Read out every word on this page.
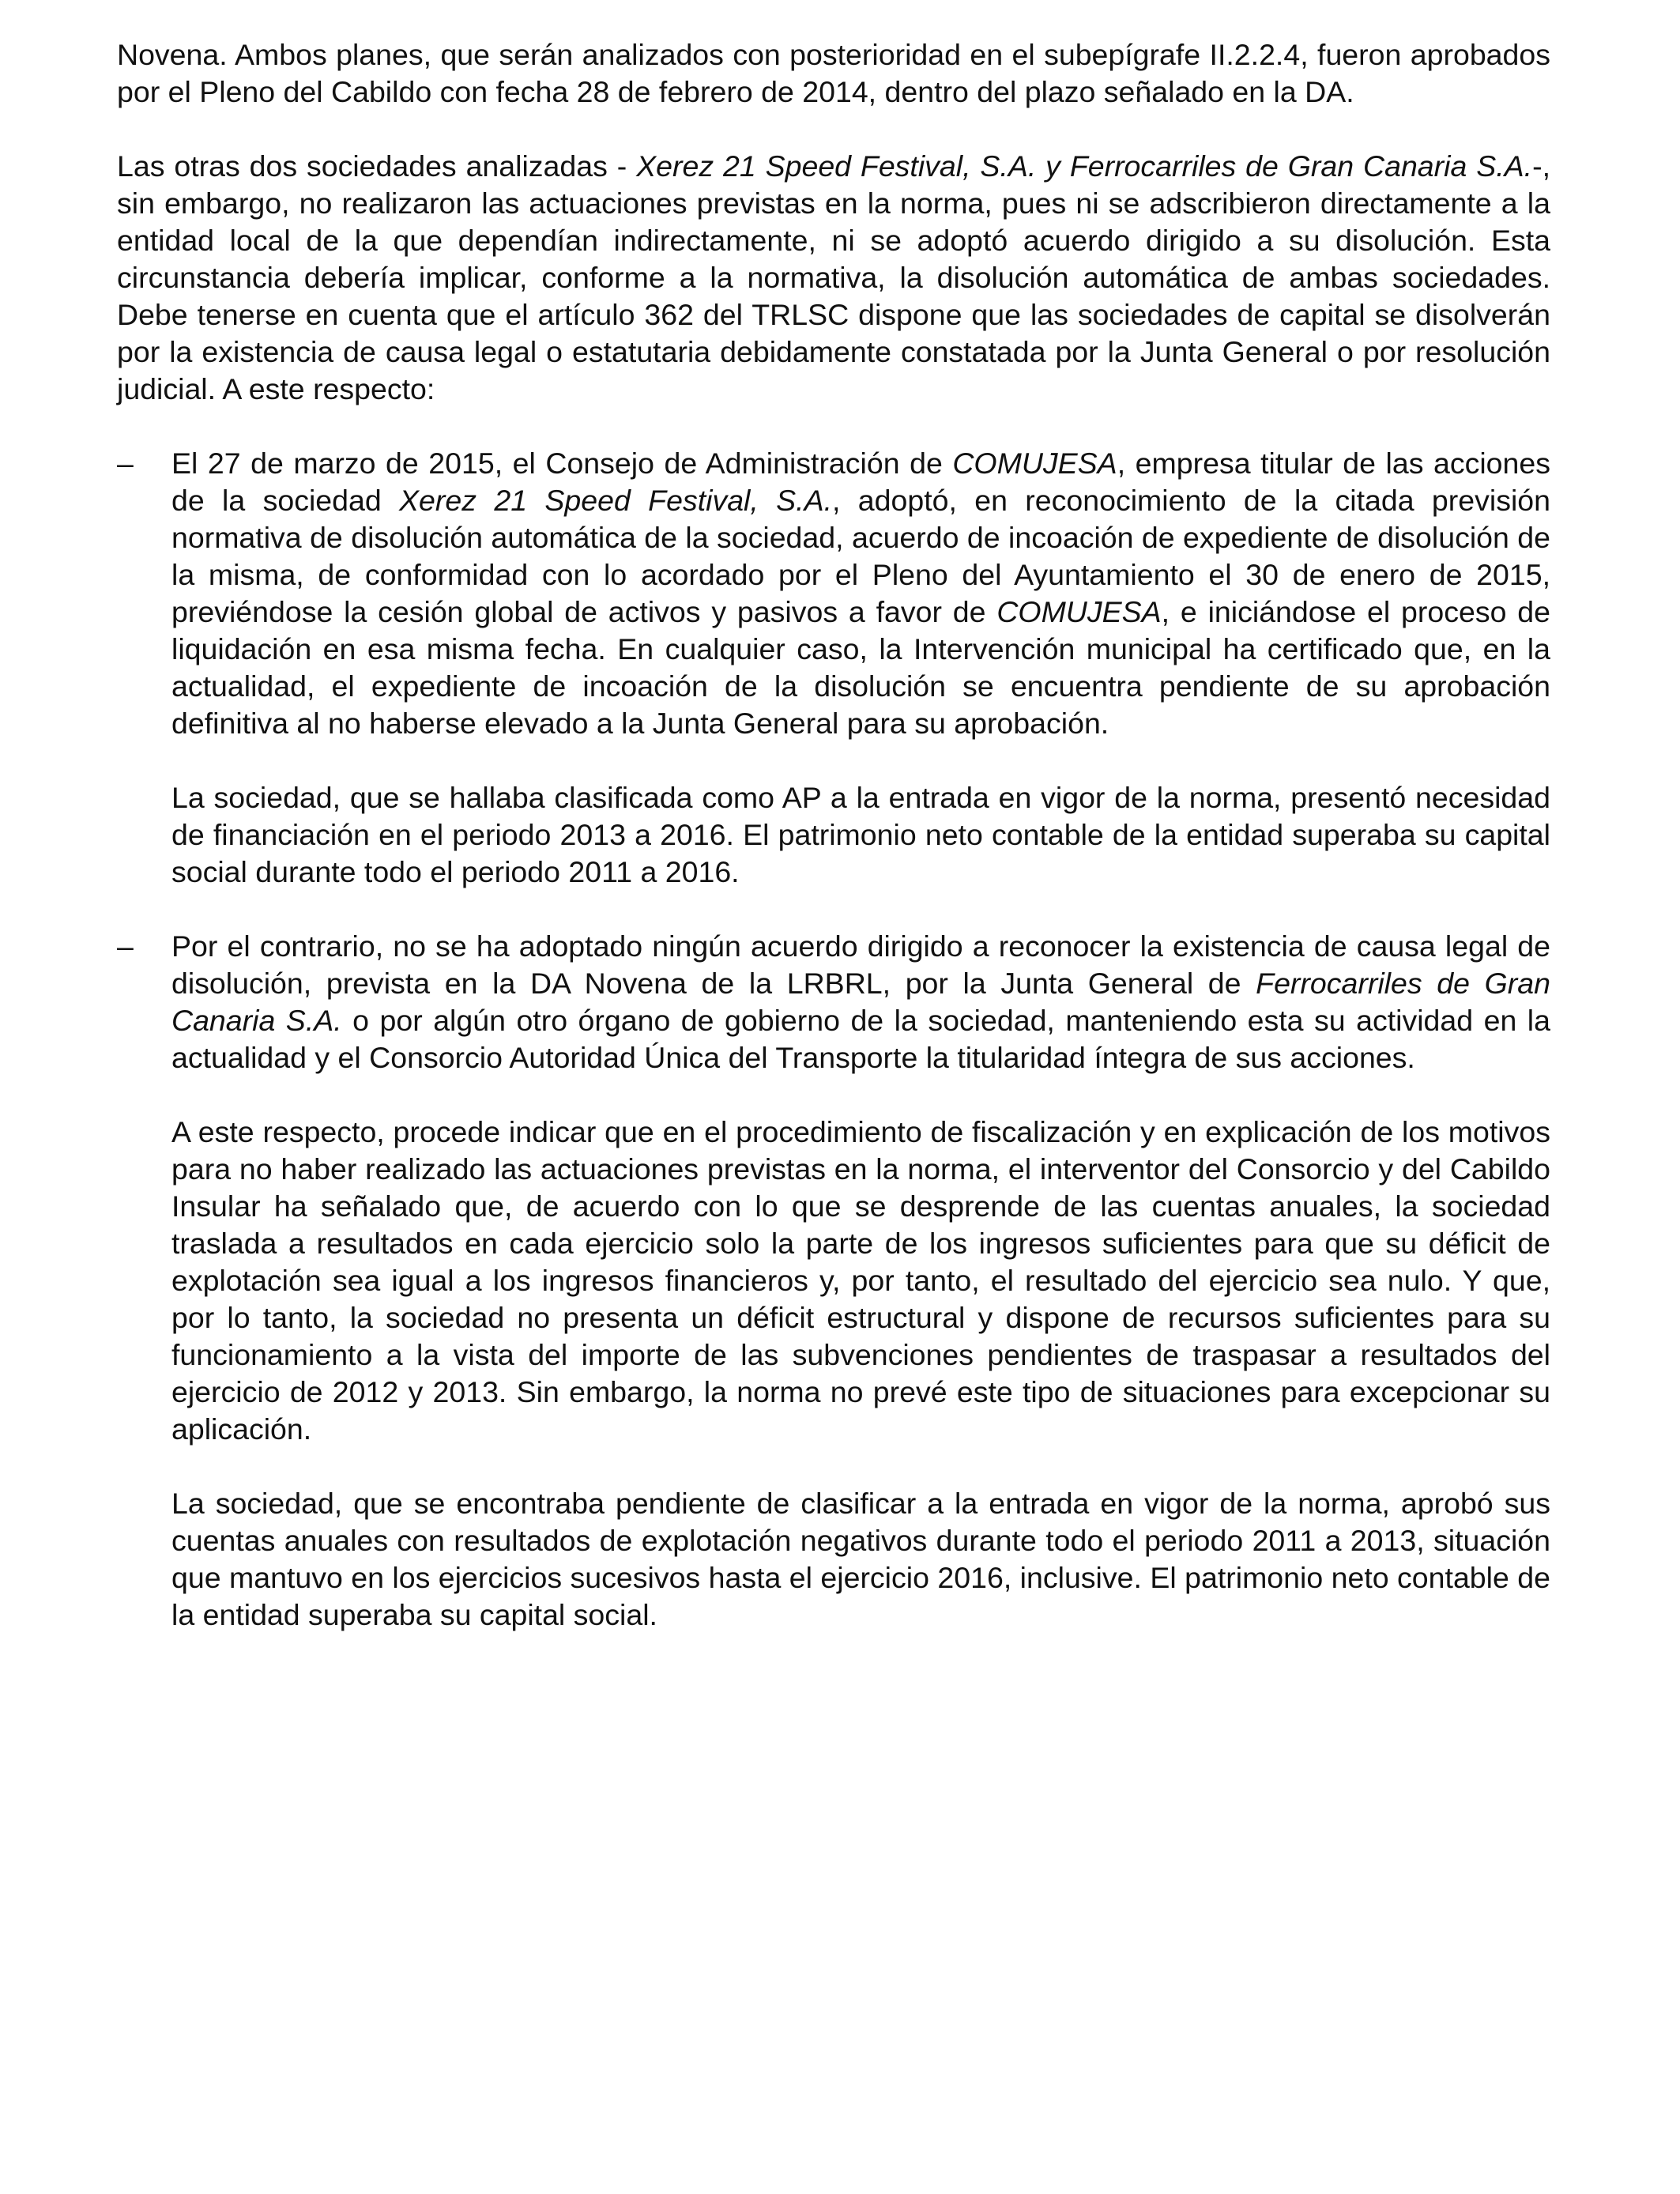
Novena. Ambos planes, que serán analizados con posterioridad en el subepígrafe II.2.2.4, fueron aprobados por el Pleno del Cabildo con fecha 28 de febrero de 2014, dentro del plazo señalado en la DA.

Las otras dos sociedades analizadas - Xerez 21 Speed Festival, S.A. y Ferrocarriles de Gran Canaria S.A.-, sin embargo, no realizaron las actuaciones previstas en la norma, pues ni se adscribieron directamente a la entidad local de la que dependían indirectamente, ni se adoptó acuerdo dirigido a su disolución. Esta circunstancia debería implicar, conforme a la normativa, la disolución automática de ambas sociedades. Debe tenerse en cuenta que el artículo 362 del TRLSC dispone que las sociedades de capital se disolverán por la existencia de causa legal o estatutaria debidamente constatada por la Junta General o por resolución judicial. A este respecto:

– El 27 de marzo de 2015, el Consejo de Administración de COMUJESA, empresa titular de las acciones de la sociedad Xerez 21 Speed Festival, S.A., adoptó, en reconocimiento de la citada previsión normativa de disolución automática de la sociedad, acuerdo de incoación de expediente de disolución de la misma, de conformidad con lo acordado por el Pleno del Ayuntamiento el 30 de enero de 2015, previéndose la cesión global de activos y pasivos a favor de COMUJESA, e iniciándose el proceso de liquidación en esa misma fecha. En cualquier caso, la Intervención municipal ha certificado que, en la actualidad, el expediente de incoación de la disolución se encuentra pendiente de su aprobación definitiva al no haberse elevado a la Junta General para su aprobación.

La sociedad, que se hallaba clasificada como AP a la entrada en vigor de la norma, presentó necesidad de financiación en el periodo 2013 a 2016. El patrimonio neto contable de la entidad superaba su capital social durante todo el periodo 2011 a 2016.

– Por el contrario, no se ha adoptado ningún acuerdo dirigido a reconocer la existencia de causa legal de disolución, prevista en la DA Novena de la LRBRL, por la Junta General de Ferrocarriles de Gran Canaria S.A. o por algún otro órgano de gobierno de la sociedad, manteniendo esta su actividad en la actualidad y el Consorcio Autoridad Única del Transporte la titularidad íntegra de sus acciones.

A este respecto, procede indicar que en el procedimiento de fiscalización y en explicación de los motivos para no haber realizado las actuaciones previstas en la norma, el interventor del Consorcio y del Cabildo Insular ha señalado que, de acuerdo con lo que se desprende de las cuentas anuales, la sociedad traslada a resultados en cada ejercicio solo la parte de los ingresos suficientes para que su déficit de explotación sea igual a los ingresos financieros y, por tanto, el resultado del ejercicio sea nulo. Y que, por lo tanto, la sociedad no presenta un déficit estructural y dispone de recursos suficientes para su funcionamiento a la vista del importe de las subvenciones pendientes de traspasar a resultados del ejercicio de 2012 y 2013. Sin embargo, la norma no prevé este tipo de situaciones para excepcionar su aplicación.

La sociedad, que se encontraba pendiente de clasificar a la entrada en vigor de la norma, aprobó sus cuentas anuales con resultados de explotación negativos durante todo el periodo 2011 a 2013, situación que mantuvo en los ejercicios sucesivos hasta el ejercicio 2016, inclusive. El patrimonio neto contable de la entidad superaba su capital social.
